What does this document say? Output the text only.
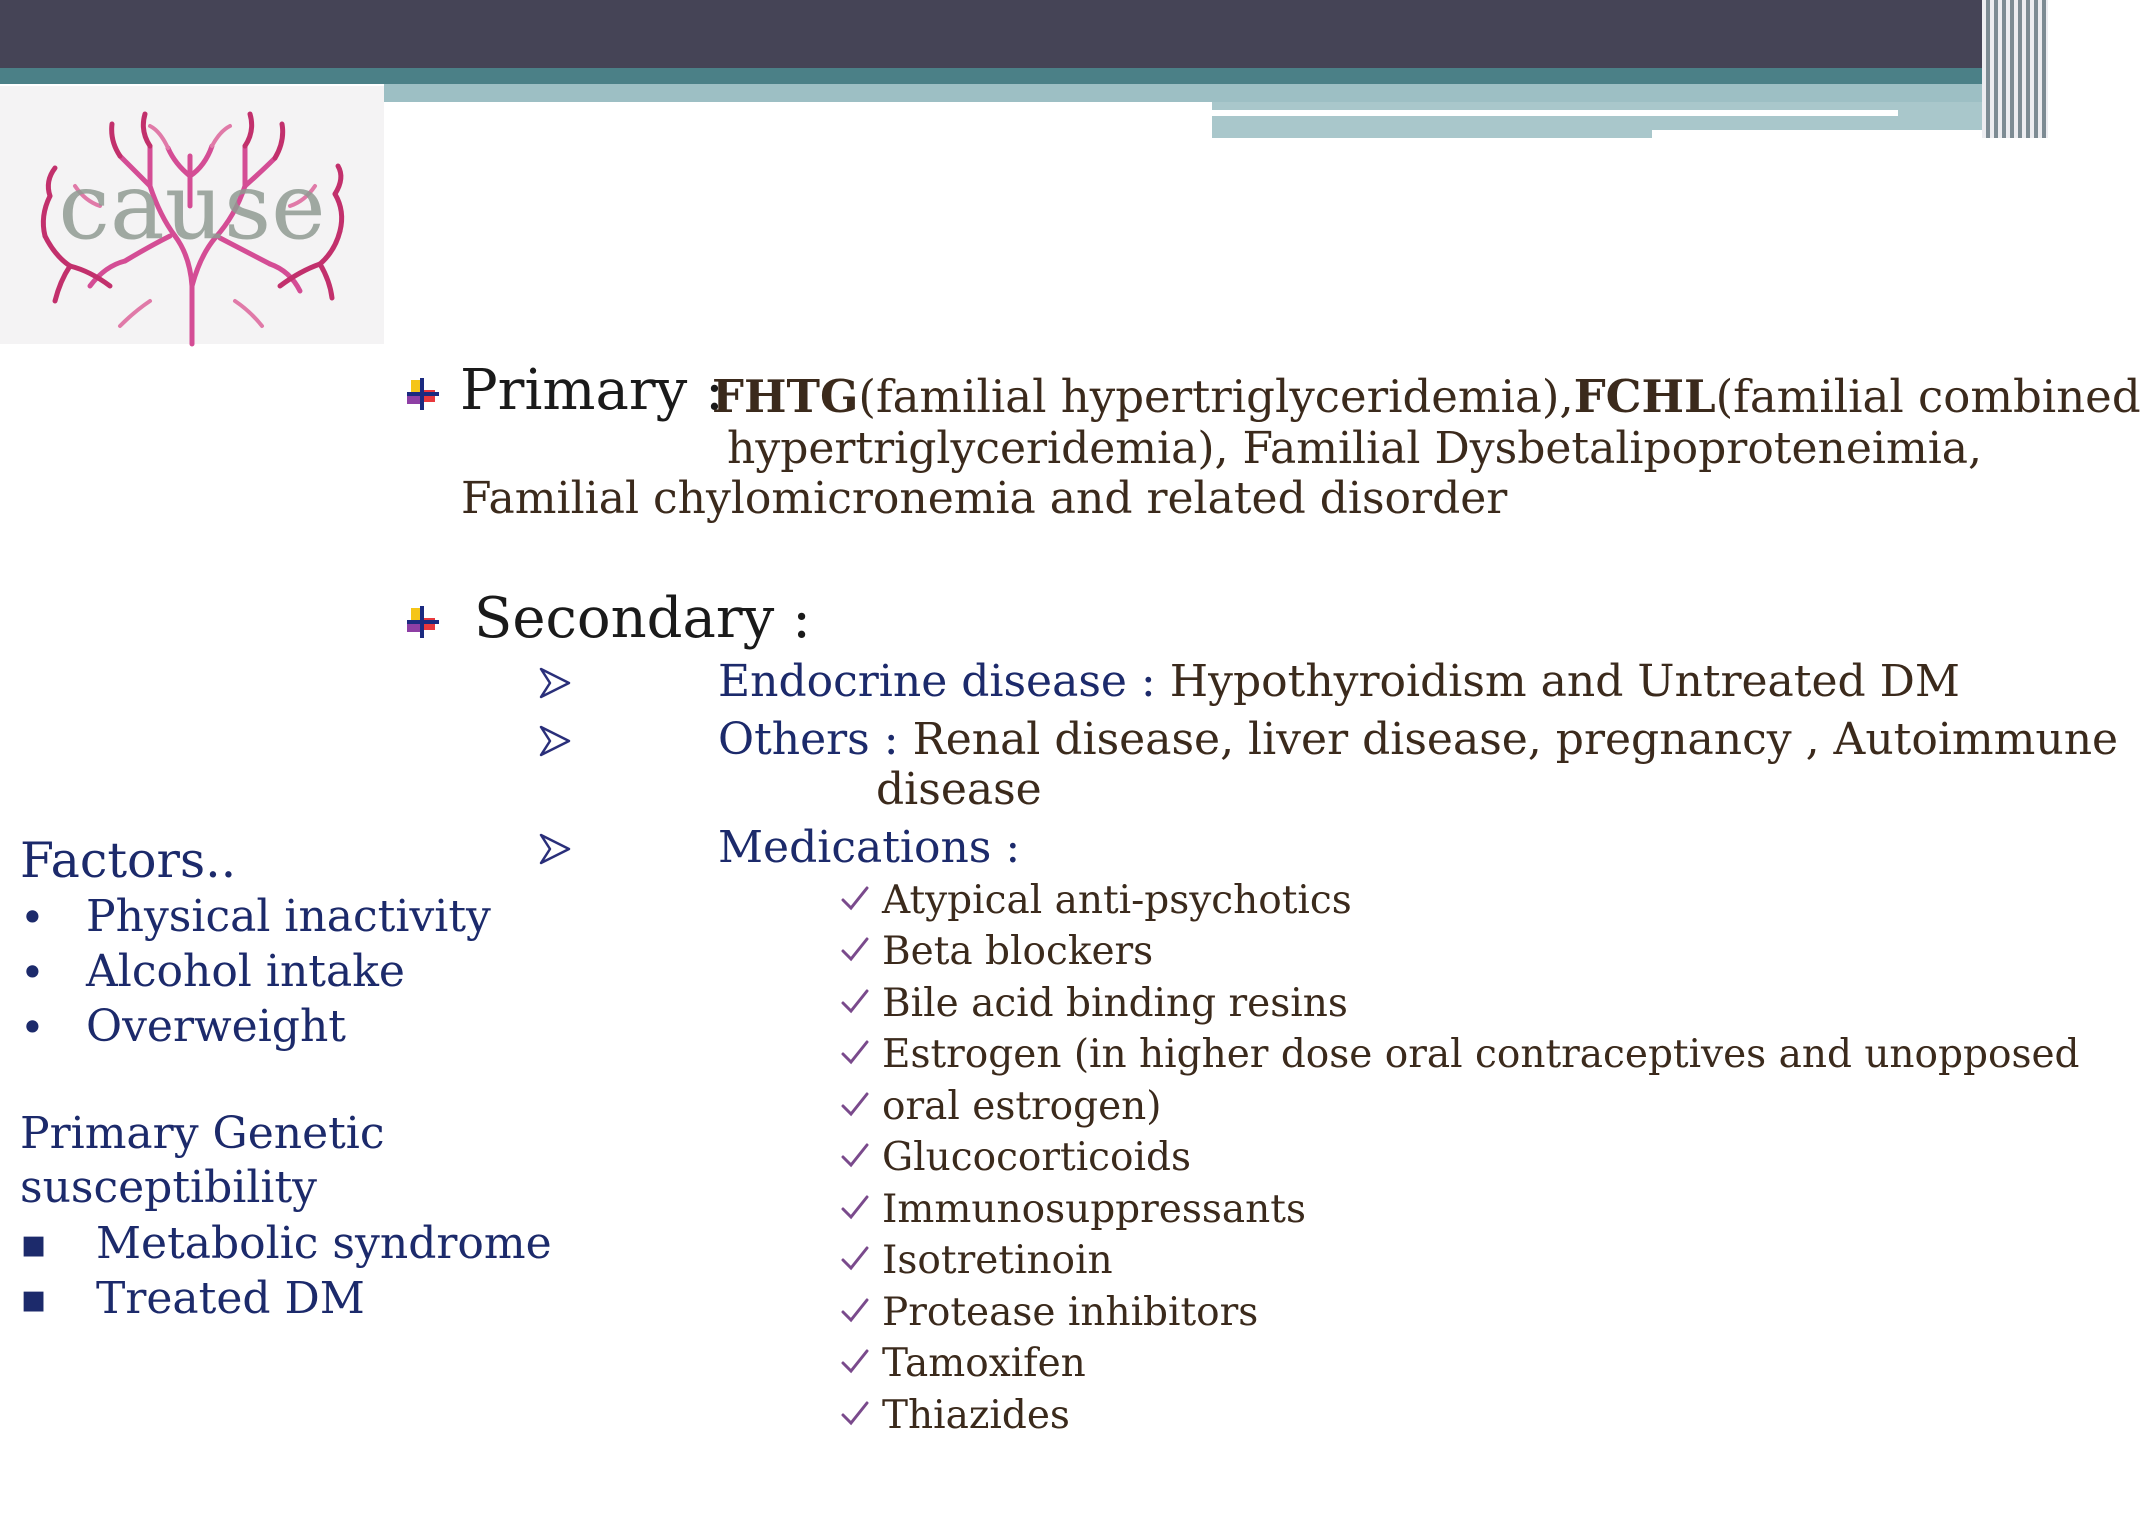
cause
Primary :
FHTG(familial hypertriglyceridemia),FCHL(familial combined
hypertriglyceridemia), Familial Dysbetalipoproteneimia,
Familial chylomicronemia and related disorder
Secondary :
Endocrine disease : Hypothyroidism and Untreated DM
Others : Renal disease, liver disease, pregnancy , Autoimmune
disease
Medications :
Atypical anti-psychotics
Beta blockers
Bile acid binding resins
Estrogen (in higher dose oral contraceptives and unopposed
oral estrogen)
Glucocorticoids
Immunosuppressants
Isotretinoin
Protease inhibitors
Tamoxifen
Thiazides
Factors..
• Physical inactivity
• Alcohol intake
• Overweight
Primary Genetic
susceptibility
▪ Metabolic syndrome
▪ Treated DM
